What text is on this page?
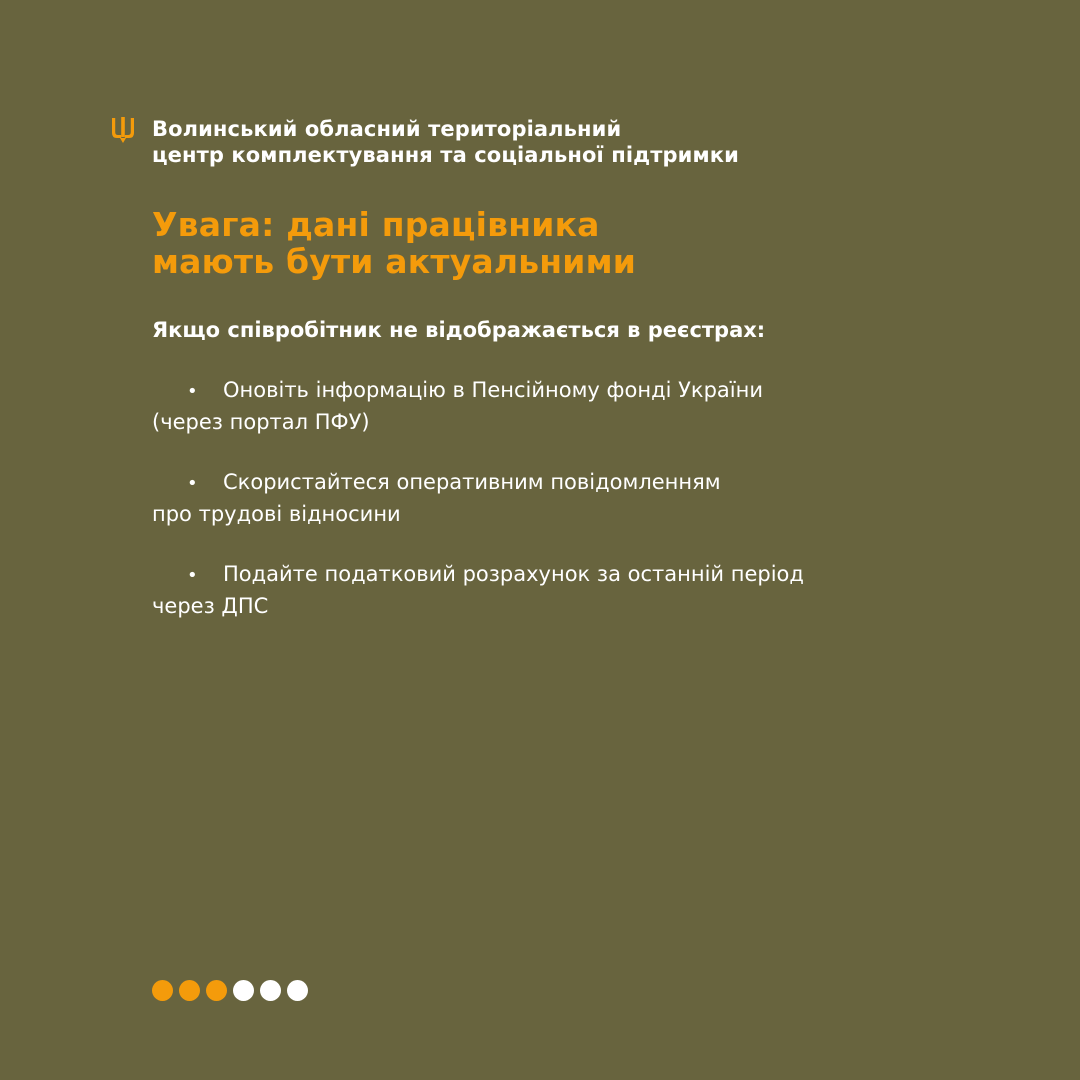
Волинський обласний територіальний
центр комплектування та соціальної підтримки
Увага: дані працівника
мають бути актуальними
Якщо співробітник не відображається в реєстрах:
• Оновіть інформацію в Пенсійному фонді України
(через портал ПФУ)
• Скористайтеся оперативним повідомленням
про трудові відносини
• Подайте податковий розрахунок за останній період
через ДПС
